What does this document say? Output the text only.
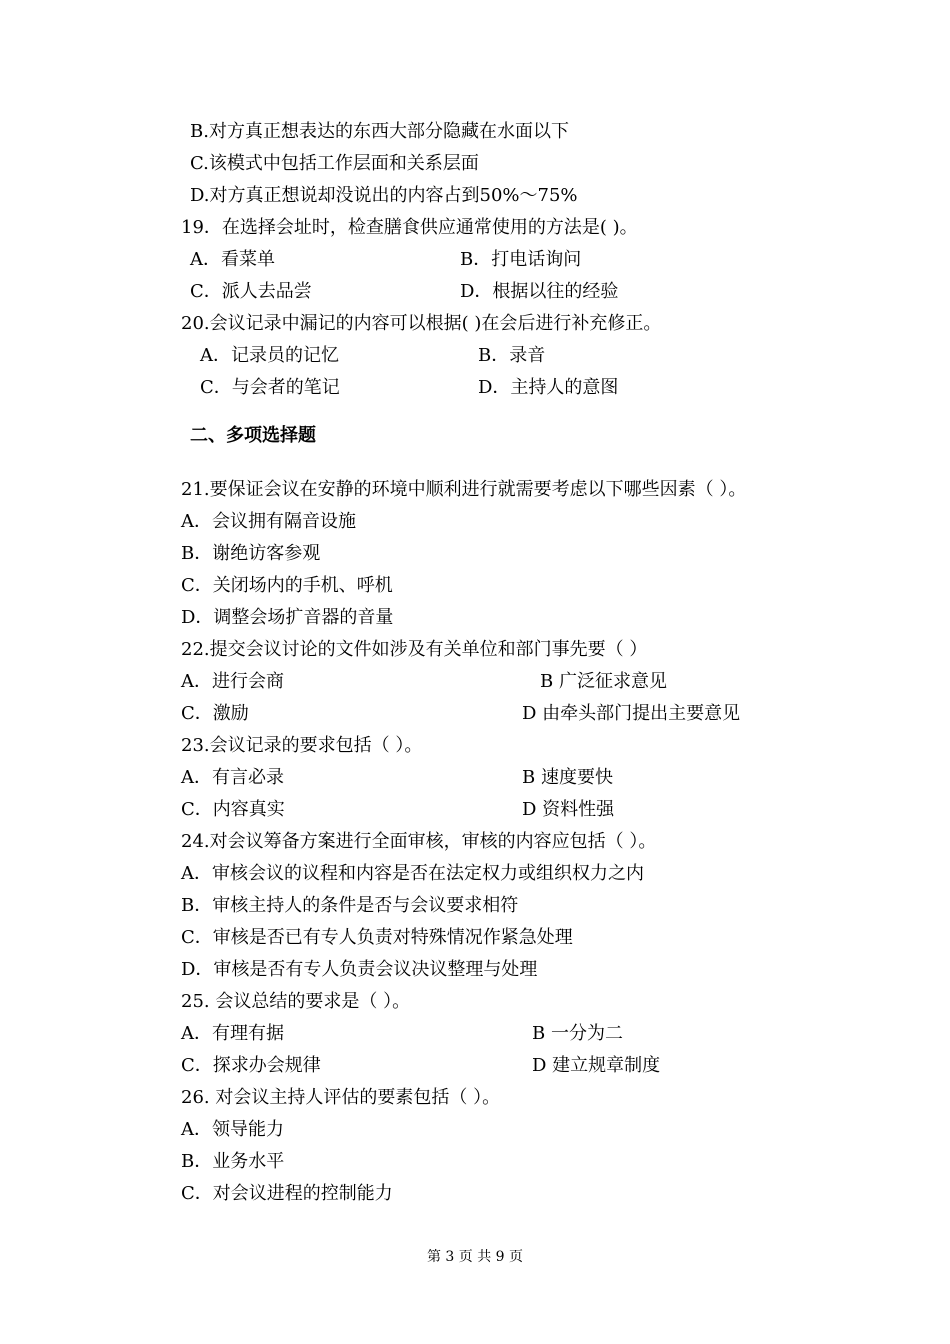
B.对方真正想表达的东西大部分隐藏在水面以下
C.该模式中包括工作层面和关系层面
D.对方真正想说却没说出的内容占到50%～75%
19．在选择会址时，检查膳食供应通常使用的方法是( )。
A．看菜单	B．打电话询问
C．派人去品尝	D．根据以往的经验
20.会议记录中漏记的内容可以根据( )在会后进行补充修正。
A．记录员的记忆	B．录音
C．与会者的笔记	D．主持人的意图
二、多项选择题
21.要保证会议在安静的环境中顺利进行就需要考虑以下哪些因素（ ）。
A．会议拥有隔音设施
B．谢绝访客参观
C．关闭场内的手机、呼机
D．调整会场扩音器的音量
22.提交会议讨论的文件如涉及有关单位和部门事先要（ ）
A．进行会商	B 广泛征求意见
C．激励	D 由牵头部门提出主要意见
23.会议记录的要求包括（ ）。
A．有言必录	B 速度要快
C．内容真实	D 资料性强
24.对会议筹备方案进行全面审核，审核的内容应包括（ ）。
A．审核会议的议程和内容是否在法定权力或组织权力之内
B．审核主持人的条件是否与会议要求相符
C．审核是否已有专人负责对特殊情况作紧急处理
D．审核是否有专人负责会议决议整理与处理
25. 会议总结的要求是（ ）。
A．有理有据	B 一分为二
C．探求办会规律	D 建立规章制度
26. 对会议主持人评估的要素包括（ ）。
A．领导能力
B．业务水平
C．对会议进程的控制能力
第 3 页 共 9 页
